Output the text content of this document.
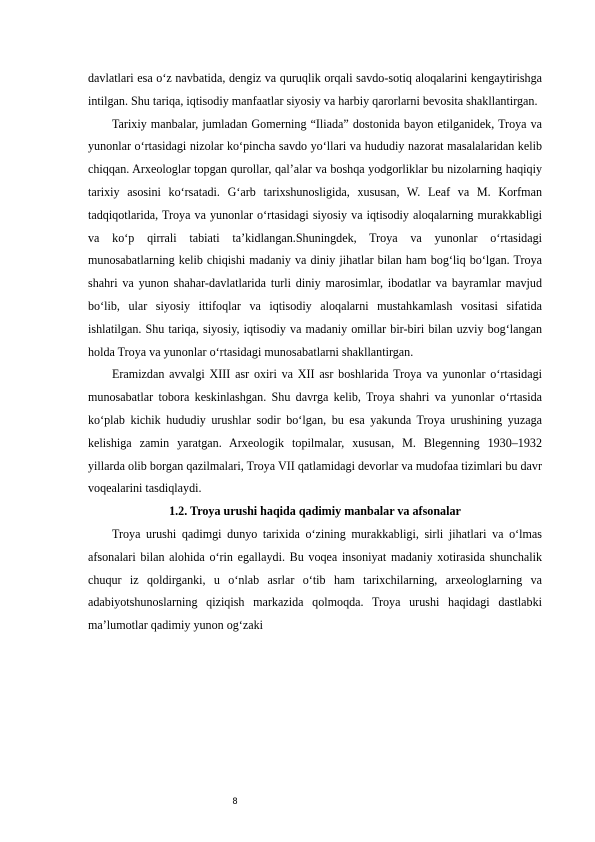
davlatlari esa o‘z navbatida, dengiz va quruqlik orqali savdo-sotiq aloqalarini kengaytirishga intilgan. Shu tariqa, iqtisodiy manfaatlar siyosiy va harbiy qarorlarni bevosita shakllantirgan.

Tarixiy manbalar, jumladan Gomerning “Iliada” dostonida bayon etilganidek, Troya va yunonlar o‘rtasidagi nizolar ko‘pincha savdo yo‘llari va hududiy nazorat masalalaridan kelib chiqqan. Arxeologlar topgan qurollar, qal’alar va boshqa yodgorliklar bu nizolarning haqiqiy tarixiy asosini ko‘rsatadi. G‘arb tarixshunosligida, xususan, W. Leaf va M. Korfman tadqiqotlarida, Troya va yunonlar o‘rtasidagi siyosiy va iqtisodiy aloqalarning murakkabligi va ko‘p qirrali tabiati ta’kidlangan.Shuningdek, Troya va yunonlar o‘rtasidagi munosabatlarning kelib chiqishi madaniy va diniy jihatlar bilan ham bog‘liq bo‘lgan. Troya shahri va yunon shahar-davlatlarida turli diniy marosimlar, ibodatlar va bayramlar mavjud bo‘lib, ular siyosiy ittifoqlar va iqtisodiy aloqalarni mustahkamlash vositasi sifatida ishlatilgan. Shu tariqa, siyosiy, iqtisodiy va madaniy omillar bir-biri bilan uzviy bog‘langan holda Troya va yunonlar o‘rtasidagi munosabatlarni shakllantirgan.

Eramizdan avvalgi XIII asr oxiri va XII asr boshlarida Troya va yunonlar o‘rtasidagi munosabatlar tobora keskinlashgan. Shu davrga kelib, Troya shahri va yunonlar o‘rtasida ko‘plab kichik hududiy urushlar sodir bo‘lgan, bu esa yakunda Troya urushining yuzaga kelishiga zamin yaratgan. Arxeologik topilmalar, xususan, M. Blegenning 1930–1932 yillarda olib borgan qazilmalari, Troya VII qatlamidagi devorlar va mudofaa tizimlari bu davr voqealarini tasdiqlaydi.

1.2. Troya urushi haqida qadimiy manbalar va afsonalar

Troya urushi qadimgi dunyo tarixida o‘zining murakkabligi, sirli jihatlari va o‘lmas afsonalari bilan alohida o‘rin egallaydi. Bu voqea insoniyat madaniy xotirasida shunchalik chuqur iz qoldirganki, u o‘nlab asrlar o‘tib ham tarixchilarning, arxeologlarning va adabiyotshunoslarning qiziqish markazida qolmoqda. Troya urushi haqidagi dastlabki ma’lumotlar qadimiy yunon og‘zaki

8
